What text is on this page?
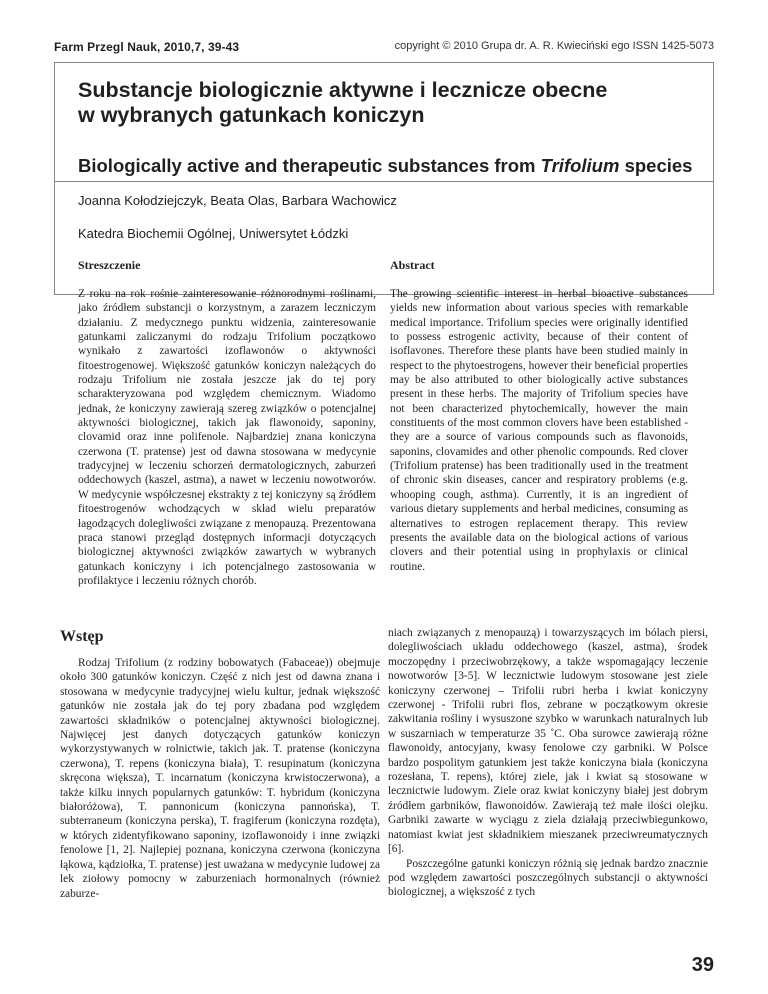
Farm Przegl Nauk, 2010,7, 39-43	copyright © 2010 Grupa dr. A. R. Kwieciński ego ISSN 1425-5073
Substancje biologicznie aktywne i lecznicze obecne
w wybranych gatunkach koniczyn
Biologically active and therapeutic substances from Trifolium species
Joanna Kołodziejczyk, Beata Olas, Barbara Wachowicz
Katedra Biochemii Ogólnej, Uniwersytet Łódzki

Streszczenie	Abstract

Z roku na rok rośnie zainteresowanie różnorodnymi roślinami, jako źródłem substancji o korzystnym, a zarazem leczniczym działaniu. Z medycznego punktu widzenia, zainteresowanie gatunkami zaliczanymi do rodzaju Trifolium początkowo wynikało z zawartości izoflawonów o aktywności fitoestrogenowej. Większość gatunków koniczyn należących do rodzaju Trifolium nie została jeszcze jak do tej pory scharakteryzowana pod względem chemicznym. Wiadomo jednak, że koniczyny zawierają szereg związków o potencjalnej aktywności biologicznej, takich jak flawonoidy, saponiny, clovamid oraz inne polifenole. Najbardziej znana koniczyna czerwona (T. pratense) jest od dawna stosowana w medycynie tradycyjnej w leczeniu schorzeń dermatologicznych, zaburzeń oddechowych (kaszel, astma), a nawet w leczeniu nowotworów. W medycynie współczesnej ekstrakty z tej koniczyny są źródłem fitoestrogenów wchodzących w skład wielu preparatów łagodzących dolegliwości związane z menopauzą. Prezentowana praca stanowi przegląd dostępnych informacji dotyczących biologicznej aktywności związków zawartych w wybranych gatunkach koniczyny i ich potencjalnego zastosowania w profilaktyce i leczeniu różnych chorób.
The growing scientific interest in herbal bioactive substances yields new information about various species with remarkable medical importance. Trifolium species were originally identified to possess estrogenic activity, because of their content of isoflavones. Therefore these plants have been studied mainly in respect to the phytoestrogens, however their beneficial properties may be also attributed to other biologically active substances present in these herbs. The majority of Trifolium species have not been characterized phytochemically, however the main constituents of the most common clovers have been established - they are a source of various compounds such as flavonoids, saponins, clovamides and other phenolic compounds. Red clover (Trifolium pratense) has been traditionally used in the treatment of chronic skin diseases, cancer and respiratory problems (e.g. whooping cough, asthma). Currently, it is an ingredient of various dietary supplements and herbal medicines, consuming as alternatives to estrogen replacement therapy. This review presents the available data on the biological actions of various clovers and their potential using in prophylaxis or clinical routine.
Wstęp

Rodzaj Trifolium (z rodziny bobowatych (Fabaceae)) obejmuje około 300 gatunków koniczyn. Część z nich jest od dawna znana i stosowana w medycynie tradycyjnej wielu kultur, jednak większość gatunków nie została jak do tej pory zbadana pod względem zawartości składników o potencjalnej aktywności biologicznej. Najwięcej jest danych dotyczących gatunków koniczyn wykorzystywanych w rolnictwie, takich jak. T. pratense (koniczyna czerwona), T. repens (koniczyna biała), T. resupinatum (koniczyna skręcona większa), T. incarnatum (koniczyna krwistoczerwona), a także kilku innych popularnych gatunków: T. hybridum (koniczyna białoróżowa), T. pannonicum (koniczyna pannońska), T. subterraneum (koniczyna perska), T. fragiferum (koniczyna rozdęta), w których zidentyfikowano saponiny, izoflawonoidy i inne związki fenolowe [1, 2]. Najlepiej poznana, koniczyna czerwona (koniczyna łąkowa, kądziołka, T. pratense) jest uważana w medycynie ludowej za lek ziołowy pomocny w zaburzeniach hormonalnych (również zaburze-

niach związanych z menopauzą) i towarzyszących im bólach piersi, dolegliwościach układu oddechowego (kaszel, astma), środek moczopędny i przeciwobrzękowy, a także wspomagający leczenie nowotworów [3-5]. W lecznictwie ludowym stosowane jest ziele koniczyny czerwonej – Trifolii rubri herba i kwiat koniczyny czerwonej - Trifolii rubri flos, zebrane w początkowym okresie zakwitania rośliny i wysuszone szybko w warunkach naturalnych lub w suszarniach w temperaturze 35 ˚C. Oba surowce zawierają różne flawonoidy, antocyjany, kwasy fenolowe czy garbniki. W Polsce bardzo pospolitym gatunkiem jest także koniczyna biała (koniczyna rozesłana, T. repens), której ziele, jak i kwiat są stosowane w lecznictwie ludowym. Ziele oraz kwiat koniczyny białej jest dobrym źródłem garbników, flawonoidów. Zawierają też małe ilości olejku. Garbniki zawarte w wyciągu z ziela działają przeciwbiegunkowo, natomiast kwiat jest składnikiem mieszanek przeciwreumatycznych [6].

Poszczególne gatunki koniczyn różnią się jednak bardzo znacznie pod względem zawartości poszczególnych substancji o aktywności biologicznej, a większość z tych

39
